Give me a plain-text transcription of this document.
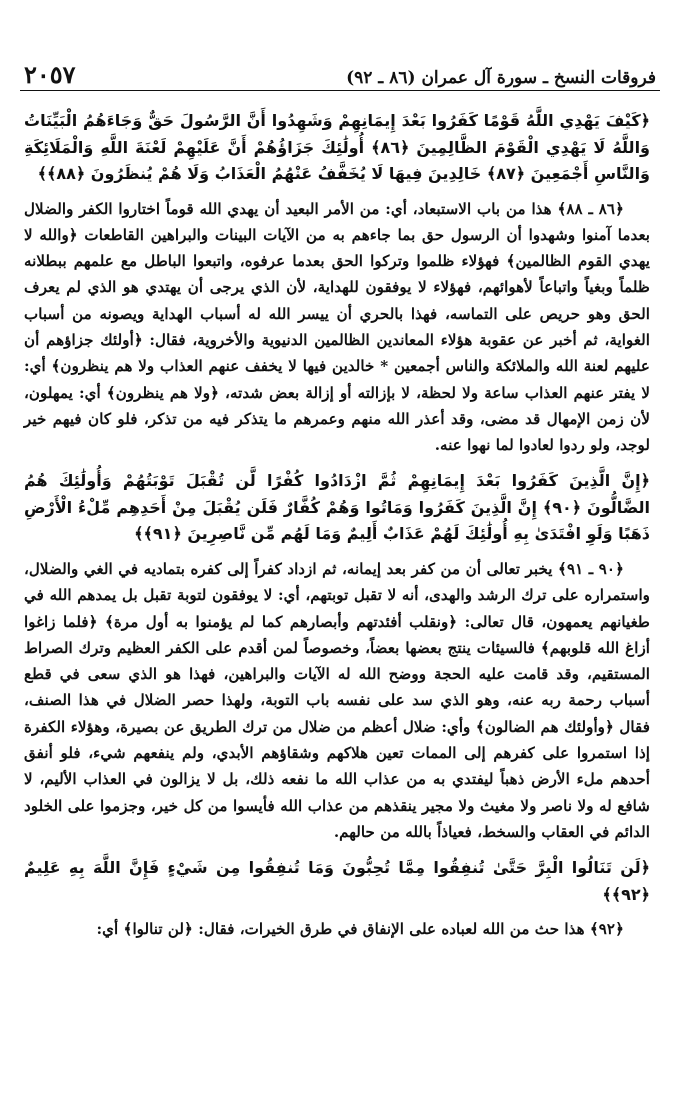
فروقات النسخ ـ سورة آل عمران (٨٦ ـ ٩٢)
٢٠٥٧

﴿كَيْفَ يَهْدِي اللَّهُ قَوْمًا كَفَرُوا بَعْدَ إِيمَانِهِمْ وَشَهِدُوا أَنَّ الرَّسُولَ حَقٌّ وَجَاءَهُمُ الْبَيِّنَاتُ وَاللَّهُ لَا يَهْدِي الْقَوْمَ الظَّالِمِينَ ﴿٨٦﴾ أُولَٰئِكَ جَزَاؤُهُمْ أَنَّ عَلَيْهِمْ لَعْنَةَ اللَّهِ وَالْمَلَائِكَةِ وَالنَّاسِ أَجْمَعِينَ ﴿٨٧﴾ خَالِدِينَ فِيهَا لَا يُخَفَّفُ عَنْهُمُ الْعَذَابُ وَلَا هُمْ يُنظَرُونَ ﴿٨٨﴾﴾

﴿٨٦ ـ ٨٨﴾ هذا من باب الاستبعاد، أي: من الأمر البعيد أن يهدي الله قوماً اختاروا الكفر والضلال بعدما آمنوا وشهدوا أن الرسول حق بما جاءهم به من الآيات البينات والبراهين القاطعات ﴿والله لا يهدي القوم الظالمين﴾ فهؤلاء ظلموا وتركوا الحق بعدما عرفوه، واتبعوا الباطل مع علمهم ببطلانه ظلماً وبغياً واتباعاً لأهوائهم، فهؤلاء لا يوفقون للهداية، لأن الذي يرجى أن يهتدي هو الذي لم يعرف الحق وهو حريص على التماسه، فهذا بالحري أن ييسر الله له أسباب الهداية ويصونه من أسباب الغواية، ثم أخبر عن عقوبة هؤلاء المعاندين الظالمين الدنيوية والأخروية، فقال: ﴿أولئك جزاؤهم أن عليهم لعنة الله والملائكة والناس أجمعين * خالدين فيها لا يخفف عنهم العذاب ولا هم ينظرون﴾ أي: لا يفتر عنهم العذاب ساعة ولا لحظة، لا بإزالته أو إزالة بعض شدته، ﴿ولا هم ينظرون﴾ أي: يمهلون، لأن زمن الإمهال قد مضى، وقد أعذر الله منهم وعمرهم ما يتذكر فيه من تذكر، فلو كان فيهم خير لوجد، ولو ردوا لعادوا لما نهوا عنه.

﴿إِنَّ الَّذِينَ كَفَرُوا بَعْدَ إِيمَانِهِمْ ثُمَّ ازْدَادُوا كُفْرًا لَّن تُقْبَلَ تَوْبَتُهُمْ وَأُولَٰئِكَ هُمُ الضَّالُّونَ ﴿٩٠﴾ إِنَّ الَّذِينَ كَفَرُوا وَمَاتُوا وَهُمْ كُفَّارٌ فَلَن يُقْبَلَ مِنْ أَحَدِهِم مِّلْءُ الْأَرْضِ ذَهَبًا وَلَوِ افْتَدَىٰ بِهِ أُولَٰئِكَ لَهُمْ عَذَابٌ أَلِيمٌ وَمَا لَهُم مِّن نَّاصِرِينَ ﴿٩١﴾﴾

﴿٩٠ ـ ٩١﴾ يخبر تعالى أن من كفر بعد إيمانه، ثم ازداد كفراً إلى كفره بتماديه في الغي والضلال، واستمراره على ترك الرشد والهدى، أنه لا تقبل توبتهم، أي: لا يوفقون لتوبة تقبل بل يمدهم الله في طغيانهم يعمهون، قال تعالى: ﴿ونقلب أفئدتهم وأبصارهم كما لم يؤمنوا به أول مرة﴾ ﴿فلما زاغوا أزاغ الله قلوبهم﴾ فالسيئات ينتج بعضها بعضاً، وخصوصاً لمن أقدم على الكفر العظيم وترك الصراط المستقيم، وقد قامت عليه الحجة ووضح الله له الآيات والبراهين، فهذا هو الذي سعى في قطع أسباب رحمة ربه عنه، وهو الذي سد على نفسه باب التوبة، ولهذا حصر الضلال في هذا الصنف، فقال ﴿وأولئك هم الضالون﴾ وأي: ضلال أعظم من ضلال من ترك الطريق عن بصيرة، وهؤلاء الكفرة إذا استمروا على كفرهم إلى الممات تعين هلاكهم وشقاؤهم الأبدي، ولم ينفعهم شيء، فلو أنفق أحدهم ملء الأرض ذهباً ليفتدي به من عذاب الله ما نفعه ذلك، بل لا يزالون في العذاب الأليم، لا شافع له ولا ناصر ولا مغيث ولا مجير ينقذهم من عذاب الله فأيسوا من كل خير، وجزموا على الخلود الدائم في العقاب والسخط، فعياذاً بالله من حالهم.

﴿لَن تَنَالُوا الْبِرَّ حَتَّىٰ تُنفِقُوا مِمَّا تُحِبُّونَ وَمَا تُنفِقُوا مِن شَيْءٍ فَإِنَّ اللَّهَ بِهِ عَلِيمٌ ﴿٩٢﴾﴾

﴿٩٢﴾ هذا حث من الله لعباده على الإنفاق في طرق الخيرات، فقال: ﴿لن تنالوا﴾ أي:
